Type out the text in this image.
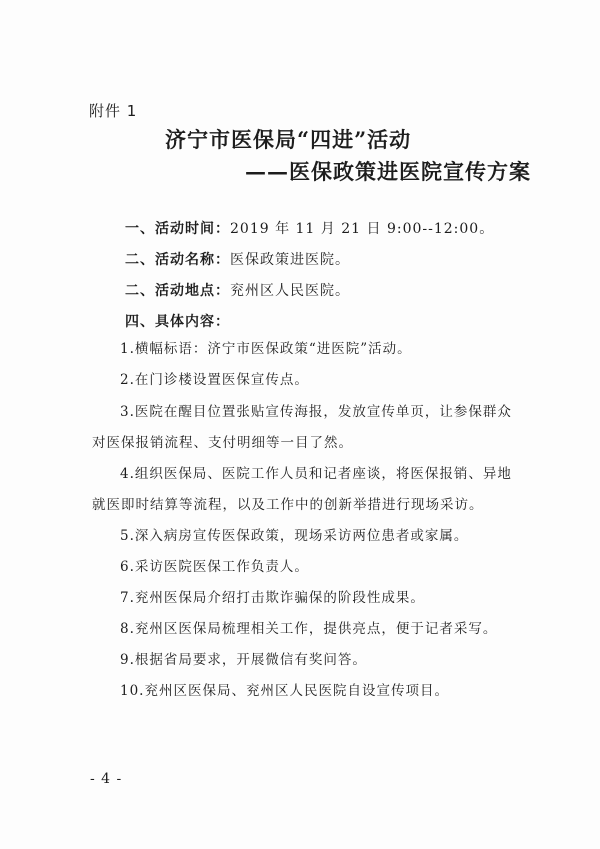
附件 1
济宁市医保局“四进”活动
——医保政策进医院宣传方案
一、活动时间：2019 年 11 月 21 日 9:00--12:00。
二、活动名称：医保政策进医院。
二、活动地点：兖州区人民医院。
四、具体内容：

1.横幅标语：济宁市医保政策“进医院”活动。

2.在门诊楼设置医保宣传点。

3.医院在醒目位置张贴宣传海报，发放宣传单页，让参保群众对医保报销流程、支付明细等一目了然。

4.组织医保局、医院工作人员和记者座谈，将医保报销、异地就医即时结算等流程，以及工作中的创新举措进行现场采访。

5.深入病房宣传医保政策，现场采访两位患者或家属。

6.采访医院医保工作负责人。

7.兖州医保局介绍打击欺诈骗保的阶段性成果。

8.兖州区医保局梳理相关工作，提供亮点，便于记者采写。

9.根据省局要求，开展微信有奖问答。

10.兖州区医保局、兖州区人民医院自设宣传项目。

- 4 -
